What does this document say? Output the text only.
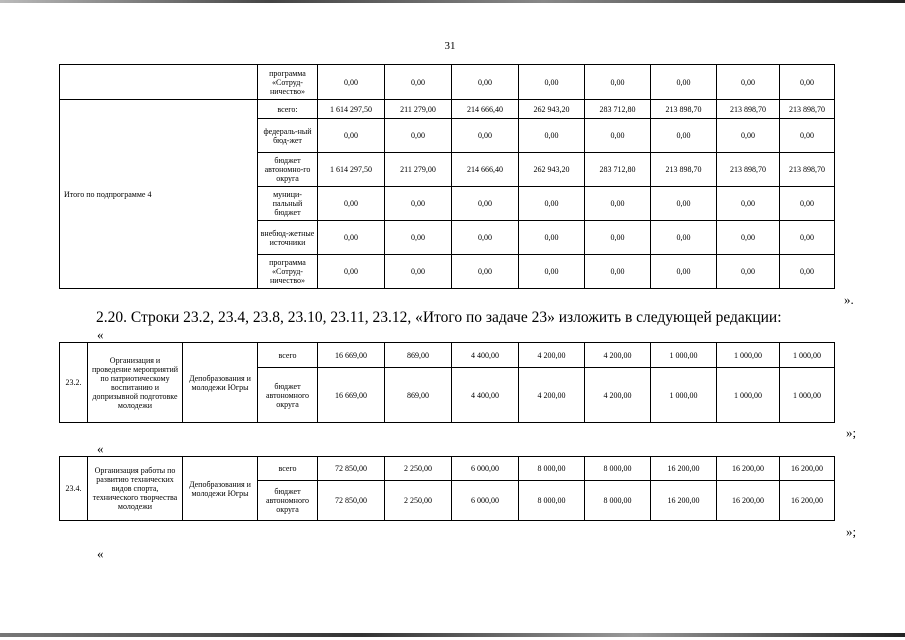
31
	программа «Сотруд-ничество»	0,00	0,00	0,00	0,00	0,00	0,00	0,00	0,00
Итого по подпрограмме 4	всего:	1 614 297,50	211 279,00	214 666,40	262 943,20	283 712,80	213 898,70	213 898,70	213 898,70
	федераль-ный бюд-жет	0,00	0,00	0,00	0,00	0,00	0,00	0,00	0,00
	бюджет автономно-го округа	1 614 297,50	211 279,00	214 666,40	262 943,20	283 712,80	213 898,70	213 898,70	213 898,70
	муници-пальный бюджет	0,00	0,00	0,00	0,00	0,00	0,00	0,00	0,00
	внебюд-жетные источники	0,00	0,00	0,00	0,00	0,00	0,00	0,00	0,00
	программа «Сотруд-ничество»	0,00	0,00	0,00	0,00	0,00	0,00	0,00	0,00
».
2.20. Строки 23.2, 23.4, 23.8, 23.10, 23.11, 23.12, «Итого по задаче 23» изложить в следующей редакции:
«
23.2.	Организация и проведение мероприятий по патриотическому воспитанию и допризывной подготовке молодежи	Депобразования и молодежи Югры	всего	16 669,00	869,00	4 400,00	4 200,00	4 200,00	1 000,00	1 000,00	1 000,00
			бюджет автономного округа	16 669,00	869,00	4 400,00	4 200,00	4 200,00	1 000,00	1 000,00	1 000,00
»;
«
23.4.	Организация работы по развитию технических видов спорта, технического творчества молодежи	Депобразования и молодежи Югры	всего	72 850,00	2 250,00	6 000,00	8 000,00	8 000,00	16 200,00	16 200,00	16 200,00
			бюджет автономного округа	72 850,00	2 250,00	6 000,00	8 000,00	8 000,00	16 200,00	16 200,00	16 200,00
»;
«
